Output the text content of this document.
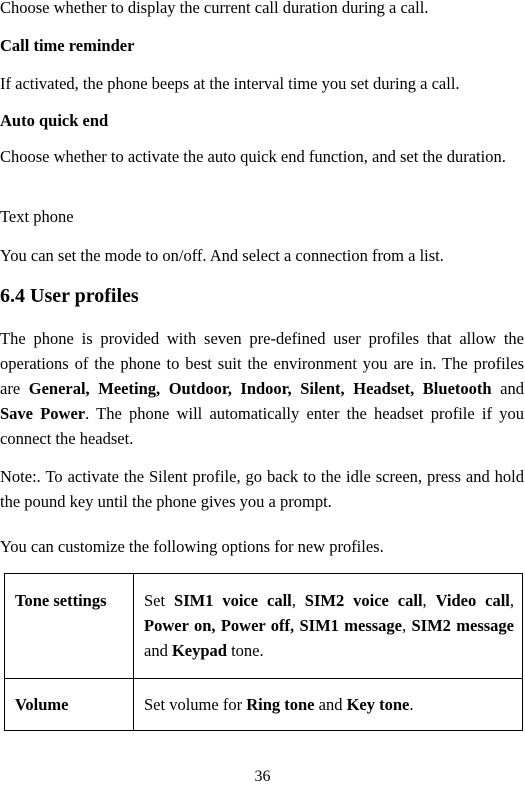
Choose whether to display the current call duration during a call.

Call time reminder

If activated, the phone beeps at the interval time you set during a call.

Auto quick end

Choose whether to activate the auto quick end function, and set the duration.

Text phone

You can set the mode to on/off. And select a connection from a list.

6.4 User profiles

The phone is provided with seven pre-defined user profiles that allow the operations of the phone to best suit the environment you are in. The profiles are General, Meeting, Outdoor, Indoor, Silent, Headset, Bluetooth and Save Power. The phone will automatically enter the headset profile if you connect the headset.

Note:. To activate the Silent profile, go back to the idle screen, press and hold the pound key until the phone gives you a prompt.

You can customize the following options for new profiles.

Tone settings	Set SIM1 voice call, SIM2 voice call, Video call, Power on, Power off, SIM1 message, SIM2 message and Keypad tone.
Volume	Set volume for Ring tone and Key tone.
36
